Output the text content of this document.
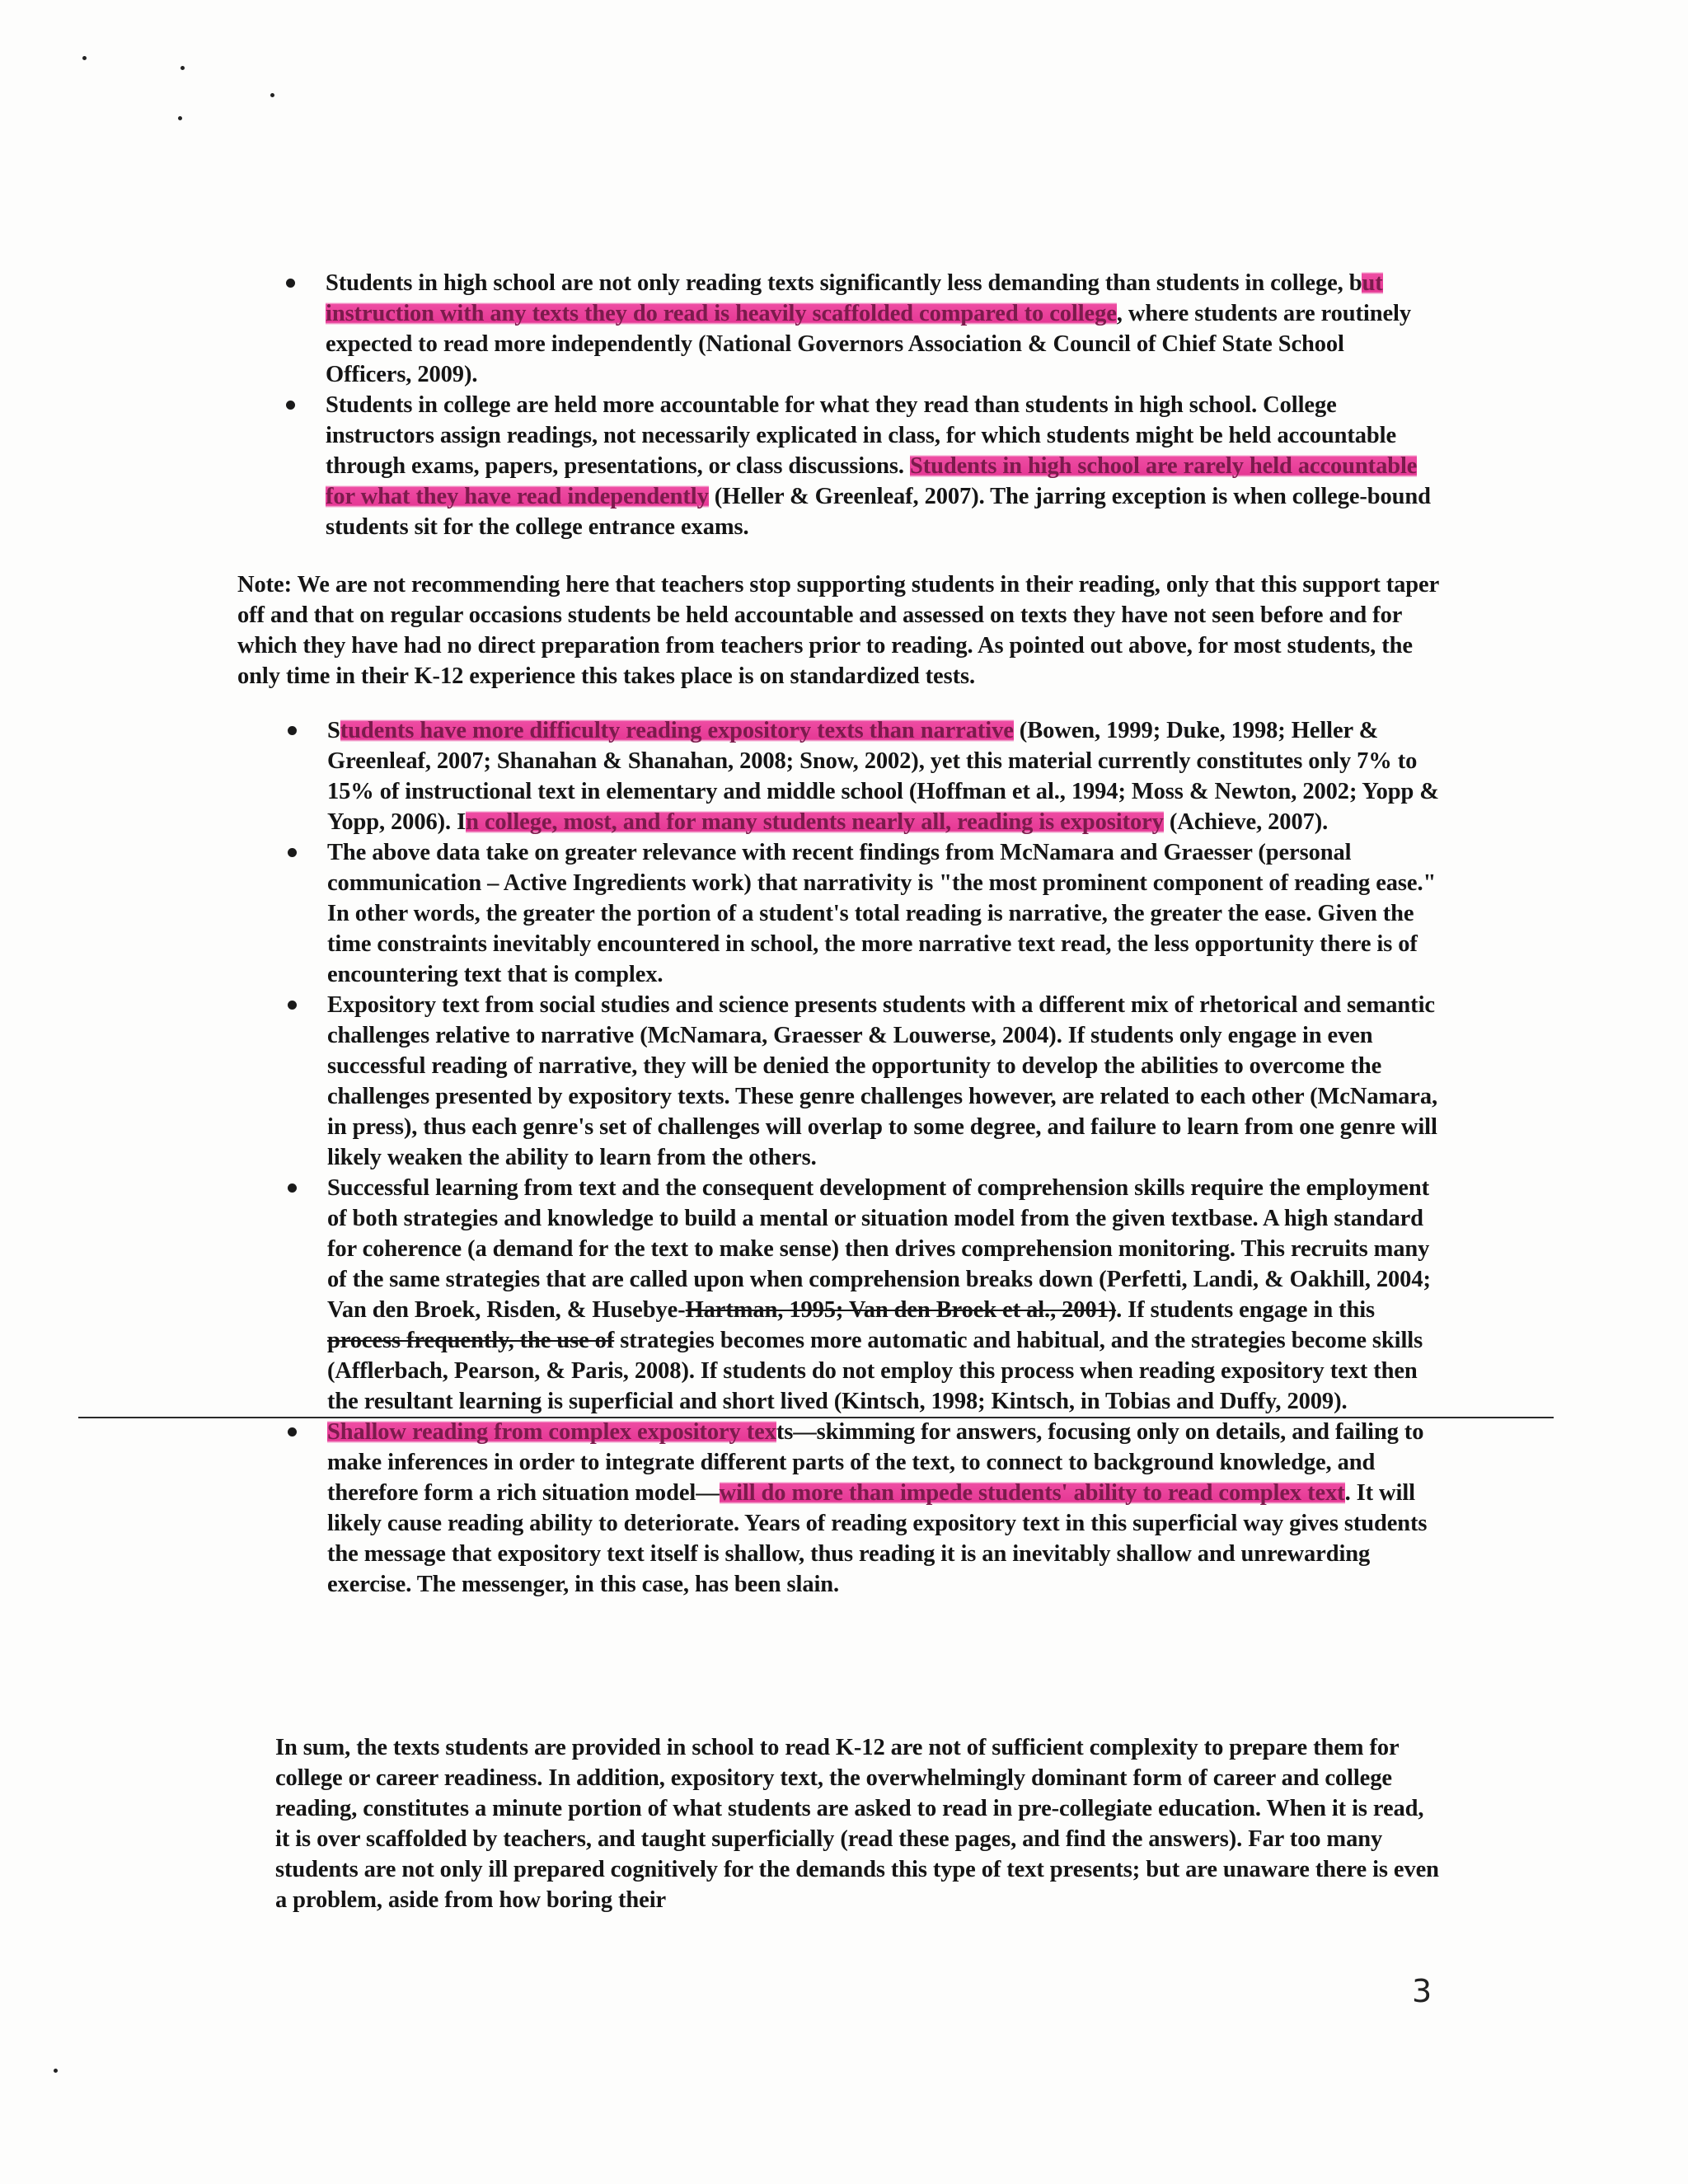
Students in high school are not only reading texts significantly less demanding than students in college, but instruction with any texts they do read is heavily scaffolded compared to college, where students are routinely expected to read more independently (National Governors Association & Council of Chief State School Officers, 2009).
Students in college are held more accountable for what they read than students in high school. College instructors assign readings, not necessarily explicated in class, for which students might be held accountable through exams, papers, presentations, or class discussions. Students in high school are rarely held accountable for what they have read independently (Heller & Greenleaf, 2007). The jarring exception is when college-bound students sit for the college entrance exams.

Note: We are not recommending here that teachers stop supporting students in their reading, only that this support taper off and that on regular occasions students be held accountable and assessed on texts they have not seen before and for which they have had no direct preparation from teachers prior to reading. As pointed out above, for most students, the only time in their K-12 experience this takes place is on standardized tests.

Students have more difficulty reading expository texts than narrative (Bowen, 1999; Duke, 1998; Heller & Greenleaf, 2007; Shanahan & Shanahan, 2008; Snow, 2002), yet this material currently constitutes only 7% to 15% of instructional text in elementary and middle school (Hoffman et al., 1994; Moss & Newton, 2002; Yopp & Yopp, 2006). In college, most, and for many students nearly all, reading is expository (Achieve, 2007).
The above data take on greater relevance with recent findings from McNamara and Graesser (personal communication – Active Ingredients work) that narrativity is "the most prominent component of reading ease." In other words, the greater the portion of a student's total reading is narrative, the greater the ease. Given the time constraints inevitably encountered in school, the more narrative text read, the less opportunity there is of encountering text that is complex.
Expository text from social studies and science presents students with a different mix of rhetorical and semantic challenges relative to narrative (McNamara, Graesser & Louwerse, 2004). If students only engage in even successful reading of narrative, they will be denied the opportunity to develop the abilities to overcome the challenges presented by expository texts. These genre challenges however, are related to each other (McNamara, in press), thus each genre's set of challenges will overlap to some degree, and failure to learn from one genre will likely weaken the ability to learn from the others.
Successful learning from text and the consequent development of comprehension skills require the employment of both strategies and knowledge to build a mental or situation model from the given textbase. A high standard for coherence (a demand for the text to make sense) then drives comprehension monitoring. This recruits many of the same strategies that are called upon when comprehension breaks down (Perfetti, Landi, & Oakhill, 2004; Van den Broek, Risden, & Husebye-Hartman, 1995; Van den Broek et al., 2001). If students engage in this process frequently, the use of strategies becomes more automatic and habitual, and the strategies become skills (Afflerbach, Pearson, & Paris, 2008). If students do not employ this process when reading expository text then the resultant learning is superficial and short lived (Kintsch, 1998; Kintsch, in Tobias and Duffy, 2009).
Shallow reading from complex expository texts—skimming for answers, focusing only on details, and failing to make inferences in order to integrate different parts of the text, to connect to background knowledge, and therefore form a rich situation model—will do more than impede students' ability to read complex text. It will likely cause reading ability to deteriorate. Years of reading expository text in this superficial way gives students the message that expository text itself is shallow, thus reading it is an inevitably shallow and unrewarding exercise. The messenger, in this case, has been slain.

In sum, the texts students are provided in school to read K-12 are not of sufficient complexity to prepare them for college or career readiness. In addition, expository text, the overwhelmingly dominant form of career and college reading, constitutes a minute portion of what students are asked to read in pre-collegiate education. When it is read, it is over scaffolded by teachers, and taught superficially (read these pages, and find the answers). Far too many students are not only ill prepared cognitively for the demands this type of text presents; but are unaware there is even a problem, aside from how boring their

3
